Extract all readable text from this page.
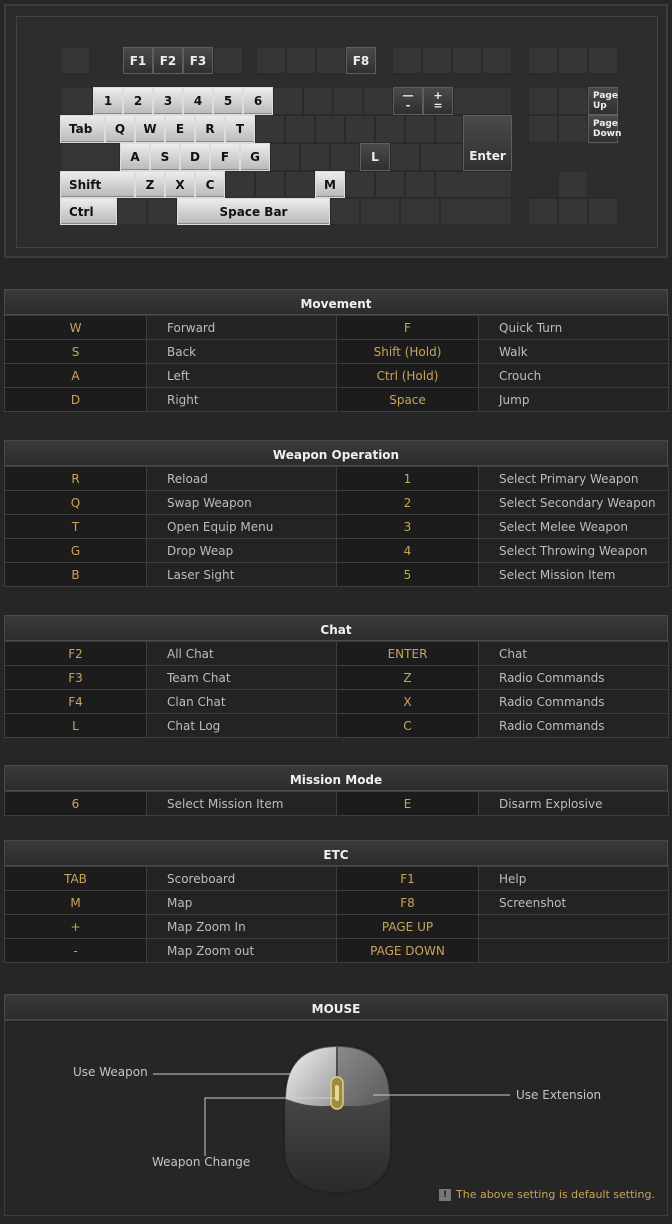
F1 F2 F3	F8
1 2 3 4 5 6	—
-
+
=
Page
Up
Tab Q W E R T
Enter
Page
Down
A S D F G	L
Shift	Z X C	M
Ctrl	Space Bar
Movement
W	Forward	F	Quick Turn
S	Back	Shift (Hold)	Walk
A	Left	Ctrl (Hold)	Crouch
D	Right	Space	Jump
Weapon Operation
R	Reload	1	Select Primary Weapon
Q	Swap Weapon	2	Select Secondary Weapon
T	Open Equip Menu	3	Select Melee Weapon
G	Drop Weap	4	Select Throwing Weapon
B	Laser Sight	5	Select Mission Item
Chat
F2	All Chat	ENTER	Chat
F3	Team Chat	Z	Radio Commands
F4	Clan Chat	X	Radio Commands
L	Chat Log	C	Radio Commands
Mission Mode
6	Select Mission Item	E	Disarm Explosive
ETC
TAB	Scoreboard	F1	Help
M	Map	F8	Screenshot
+	Map Zoom In	PAGE UP	
-	Map Zoom out	PAGE DOWN	
MOUSE
Use Weapon
Use Extension
Weapon Change
! The above setting is default setting.
